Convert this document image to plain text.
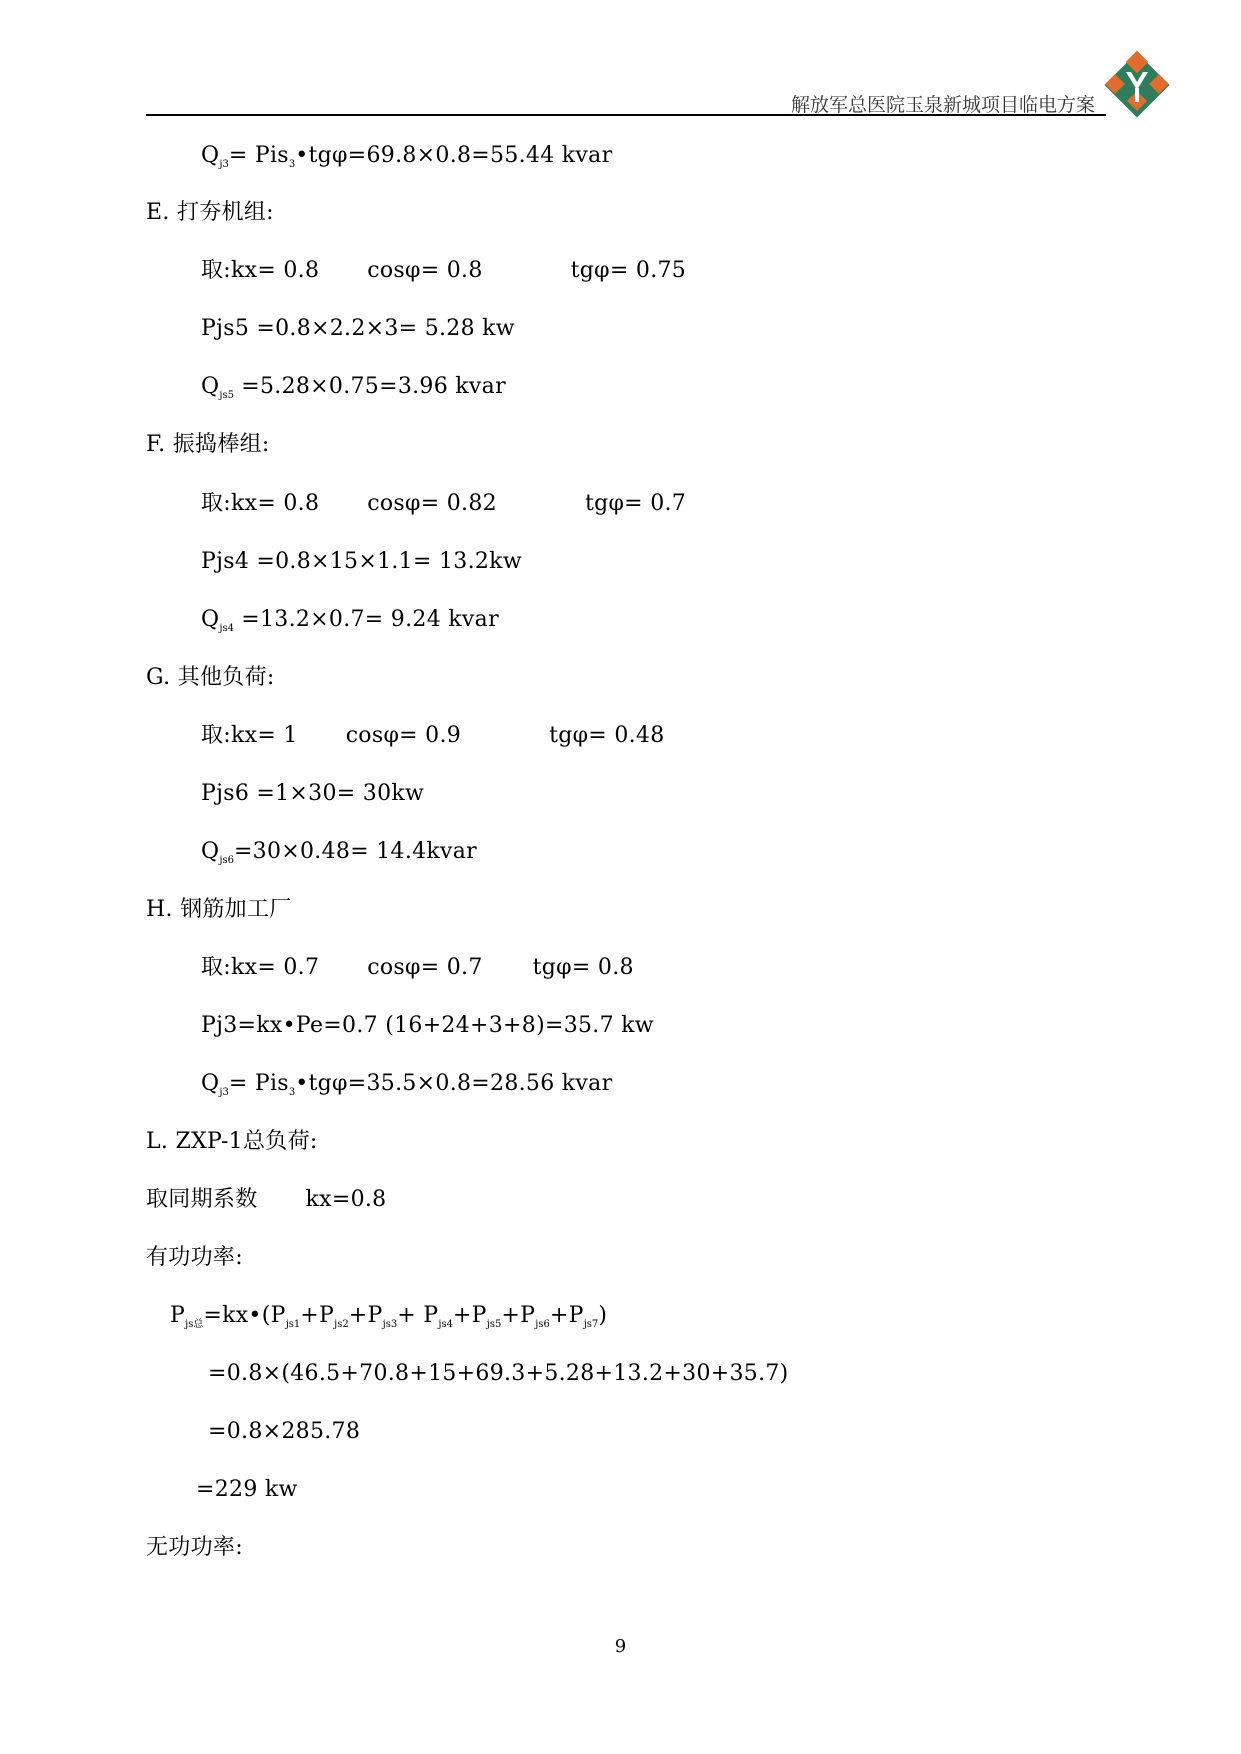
解放军总医院玉泉新城项目临电方案
$Q_{j3}=$ Pis$_3$•tgφ=69.8×0.8=55.44 kvar
E. 打夯机组:
取:kx= 0.8 cosφ= 0.8	tgφ= 0.75
Pjs5 =0.8×2.2×3= 5.28 kw
$Q_{js5} =5.28\times 0.75=3.96$ kvar
F. 振捣棒组:
取:kx= 0.8 cosφ= 0.82	tgφ= 0.7
Pjs4 =0.8×15×1.1= 13.2kw
$Q_{js4} =13.2\times 0.7= 9.24$ kvar
G. 其他负荷:
取:kx= 1 cosφ= 0.9	tgφ= 0.48
Pjs6 =1×30= 30kw
$Q_{js6}=30\times 0.48=$ 14.4kvar
H. 钢筋加工厂
取:kx= 0.7 cosφ= 0.7 tgφ= 0.8
Pj3=kx•Pe=0.7 (16+24+3+8)=35.7 kw
$Q_{j3}=$ Pis$_3$•tgφ=35.5×0.8=28.56 kvar
L. ZXP-1总负荷:
取同期系数 kx=0.8
有功功率:
$P_{js总}=kx•(P_{js1}+P_{js2}+P_{js3}+ P_{js4}+P_{js5}+P_{js6}+P_{js7})$
=0.8×(46.5+70.8+15+69.3+5.28+13.2+30+35.7)
=0.8×285.78
=229 kw
无功功率:
9
